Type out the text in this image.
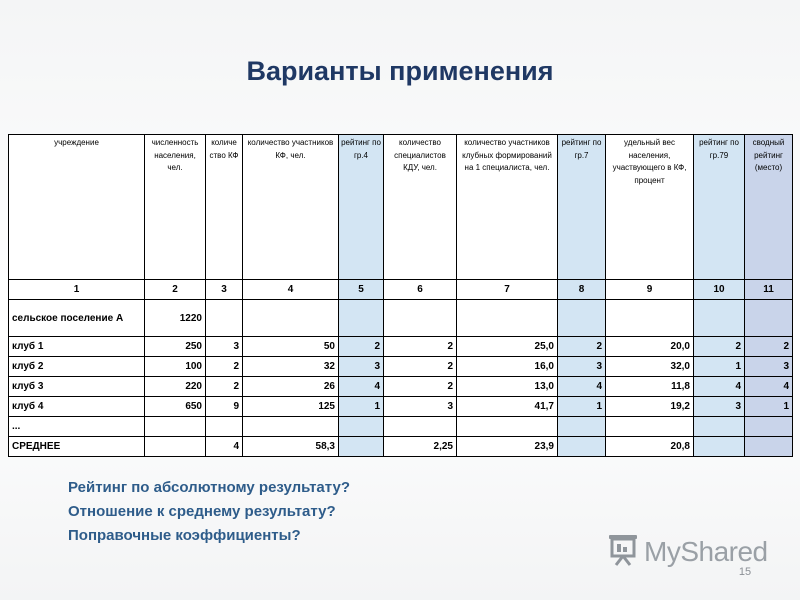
Варианты применения
учреждение	численность населения, чел.	количе ство КФ	количество участников КФ, чел.	рейтинг по гр.4	количество специалистов КДУ, чел.	количество участников клубных формирований на 1 специалиста, чел.	рейтинг по гр.7	удельный вес населения, участвующего в КФ, процент	рейтинг по гр.79	сводный рейтинг (место)
1	2	3	4	5	6	7	8	9	10	11
сельское поселение А	1220									
клуб 1	250	3	50	2	2	25,0	2	20,0	2	2
клуб 2	100	2	32	3	2	16,0	3	32,0	1	3
клуб 3	220	2	26	4	2	13,0	4	11,8	4	4
клуб 4	650	9	125	1	3	41,7	1	19,2	3	1
...										
СРЕДНЕЕ		4	58,3		2,25	23,9		20,8		
Рейтинг по абсолютному результату?
Отношение к среднему результату?
Поправочные коэффициенты?
MyShared
15
